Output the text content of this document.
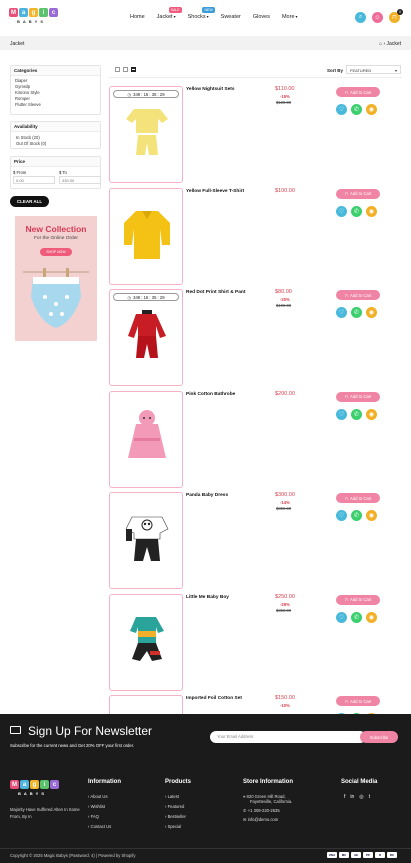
M a	g	i	c
BABYS
Home Jacket▾
SALE
Shocks▾
NEW
Sweater Gloves More▾	⌕	☺	⊓
0
Jacket	⌂ › Jacket
Categories
Diaper
Gymsilp
Kimono Style
Romper
Flutter Sleeve
Availability
In Stock (20)
Out Of Stock (0)
Price
$ From
0.00	$ To
330.00
CLEAR ALL
New Collection
For the Online Order
SHOP NOW
Sort By	FEATURED	▾
◷ 349 : 16 : 35 : 29
Yellow Nightsuit Sets	$110.00
-15%
$130.00
⊓ Add to Cart
♡	✆	◉
Yellow Full-Sleeve T-Shirt	$100.00	⊓ Add to Cart
♡	✆	◉
◷ 349 : 16 : 35 : 29
Red Dot Print Shirt & Pant	$80.00
-20%
$100.00
⊓ Add to Cart
♡	✆	◉
Pink Cotton Bathrobe	$200.00	⊓ Add to Cart
♡	✆	◉
Panda Baby Dress	$300.00
-14%
$350.00
⊓ Add to Cart
♡	✆	◉
Little Me Baby Boy	$250.00
-29%
$350.00
⊓ Add to Cart
♡	✆	◉
Imported Foil Cotton Set	$150.00
-10%
⊓ Add to Cart
Sign Up For Newsletter
Subscribe for the current news and Get 20% OFF your first order.
Your Email Address	Subscribe
M a	g	i	c
BABYS
Majority Have Suffered Alten In Some From, By In
Information
› About Us
› Wishlist
› FAQ
› Contact Us
Products
› Latest
› Featured
› Bestseller
› Special
Store Information
⌖ 820 Green Hill Road,
Fayetteville, California.
✆ +1 309-220-2635
✉ info@demo.com
Social Media
f in ◎ t
Copyright © 2025 Magic Babys (Password: 4) | Powered by Shopify	VISA	MC	AE	PP	D	DC
